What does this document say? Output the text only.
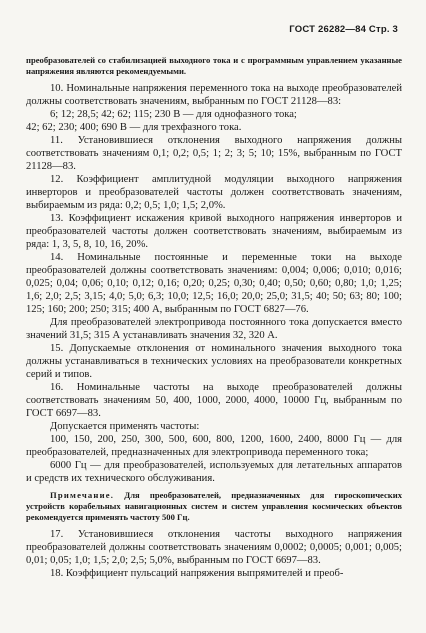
ГОСТ 26282—84 Стр. 3

преобразователей со стабилизацией выходного тока и с программным управлением указанные напряжения являются рекомендуемыми.

10. Номинальные напряжения переменного тока на выходе преобразователей должны соответствовать значениям, выбранным по ГОСТ 21128—83:

6; 12; 28,5; 42; 62; 115; 230 В — для однофазного тока;

42; 62; 230; 400; 690 В — для трехфазного тока.

11. Установившиеся отклонения выходного напряжения должны соответствовать значениям 0,1; 0,2; 0,5; 1; 2; 3; 5; 10; 15%, выбранным по ГОСТ 21128—83.

12. Коэффициент амплитудной модуляции выходного напряжения инверторов и преобразователей частоты должен соответствовать значениям, выбираемым из ряда: 0,2; 0,5; 1,0; 1,5; 2,0%.

13. Коэффициент искажения кривой выходного напряжения инверторов и преобразователей частоты должен соответствовать значениям, выбираемым из ряда: 1, 3, 5, 8, 10, 16, 20%.

14. Номинальные постоянные и переменные токи на выходе преобразователей должны соответствовать значениям: 0,004; 0,006; 0,010; 0,016; 0,025; 0,04; 0,06; 0,10; 0,12; 0,16; 0,20; 0,25; 0,30; 0,40; 0,50; 0,60; 0,80; 1,0; 1,25; 1,6; 2,0; 2,5; 3,15; 4,0; 5,0; 6,3; 10,0; 12,5; 16,0; 20,0; 25,0; 31,5; 40; 50; 63; 80; 100; 125; 160; 200; 250; 315; 400 А, выбранным по ГОСТ 6827—76.

Для преобразователей электропривода постоянного тока допускается вместо значений 31,5; 315 А устанавливать значения 32, 320 А.

15. Допускаемые отклонения от номинального значения выходного тока должны устанавливаться в технических условиях на преобразователи конкретных серий и типов.

16. Номинальные частоты на выходе преобразователей должны соответствовать значениям 50, 400, 1000, 2000, 4000, 10000 Гц, выбранным по ГОСТ 6697—83.

Допускается применять частоты:

100, 150, 200, 250, 300, 500, 600, 800, 1200, 1600, 2400, 8000 Гц — для преобразователей, предназначенных для электропривода переменного тока;

6000 Гц — для преобразователей, используемых для летательных аппаратов и средств их технического обслуживания.

Примечание. Для преобразователей, предназначенных для гироскопических устройств корабельных навигационных систем и систем управления космических объектов рекомендуется применять частоту 500 Гц.

17. Установившиеся отклонения частоты выходного напряжения преобразователей должны соответствовать значениям 0,0002; 0,0005; 0,001; 0,005; 0,01; 0,05; 1,0; 1,5; 2,0; 2,5; 5,0%, выбранным по ГОСТ 6697—83.

18. Коэффициент пульсаций напряжения выпрямителей и преоб-
